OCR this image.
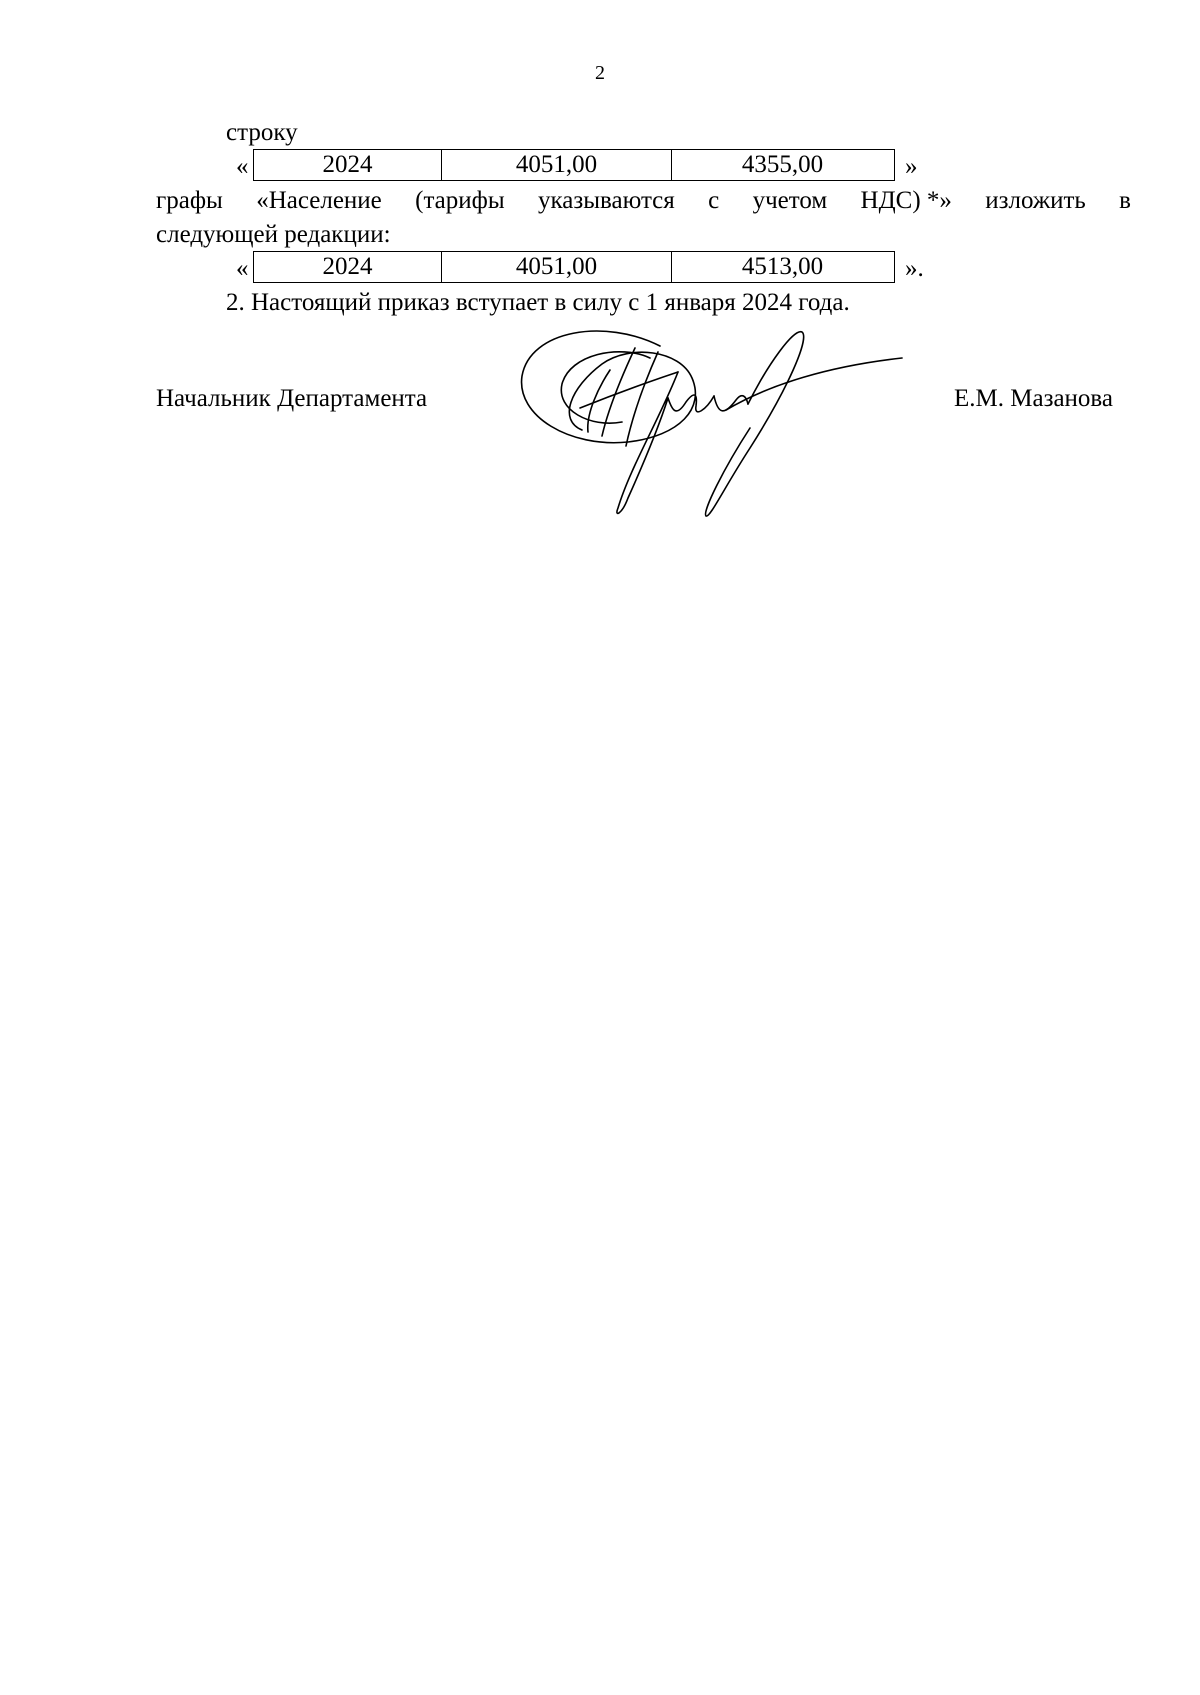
2
строку
«	2024	4051,00	4355,00	»
графы «Население (тарифы указываются с учетом НДС) *» изложить в
следующей редакции:
«	2024	4051,00	4513,00	».
2. Настоящий приказ вступает в силу с 1 января 2024 года.
Начальник Департамента	Е.М. Мазанова
